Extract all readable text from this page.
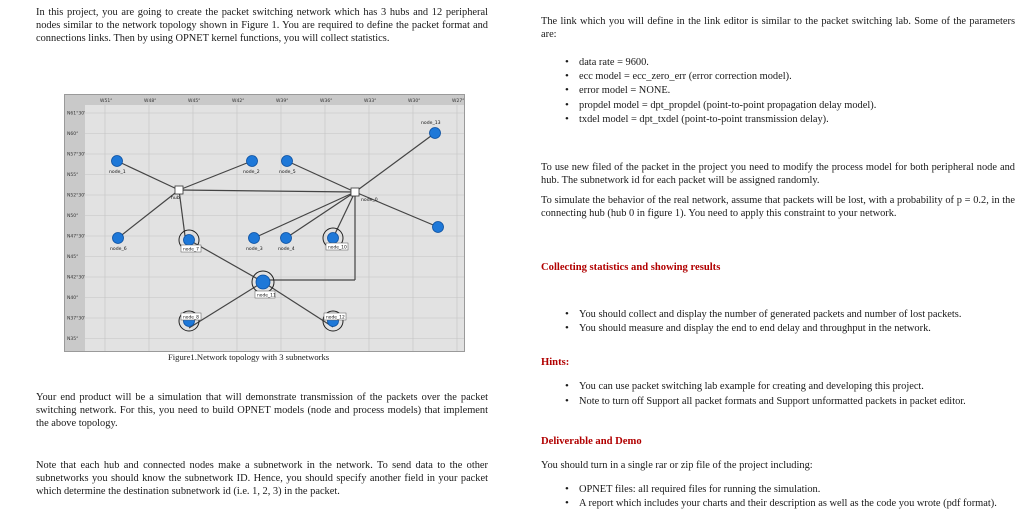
In this project, you are going to create the packet switching network which has 3 hubs and 12 peripheral nodes similar to the network topology shown in Figure 1. You are required to define the packet format and connections links. Then by using OPNET kernel functions, you will collect statistics.

W51°	W48°	W45°	W42°	W39°	W36°	W33°	W30°	W27°
N61°30'
N60°
N57°30'
N55°
N52°30'
N50°
N47°30'
N45°
N42°30'
N40°
N37°30'
N35°
node_1	node_2	node_5
node_13
node_6	node_3	node_4
hub	node_0
node_7	node_10
node_11
node_8	node_12
Figure1.Network topology with 3 subnetworks

Your end product will be a simulation that will demonstrate transmission of the packets over the packet switching network. For this, you need to build OPNET models (node and process models) that implement the above topology.

Note that each hub and connected nodes make a subnetwork in the network. To send data to the other subnetworks you should know the subnetwork ID. Hence, you should specify another field in your packet which determine the destination subnetwork id (i.e. 1, 2, 3) in the packet.

The link which you will define in the link editor is similar to the packet switching lab. Some of the parameters are:

• data rate = 9600.
• ecc model = ecc_zero_err (error correction model).
• error model = NONE.
• propdel model = dpt_propdel (point-to-point propagation delay model).
• txdel model = dpt_txdel (point-to-point transmission delay).

To use new filed of the packet in the project you need to modify the process model for both peripheral node and hub. The subnetwork id for each packet will be assigned randomly.

To simulate the behavior of the real network, assume that packets will be lost, with a probability of p = 0.2, in the connecting hub (hub 0 in figure 1). You need to apply this constraint to your network.

Collecting statistics and showing results
• You should collect and display the number of generated packets and number of lost packets.
• You should measure and display the end to end delay and throughput in the network.
Hints:
• You can use packet switching lab example for creating and developing this project.
• Note to turn off Support all packet formats and Support unformatted packets in packet editor.
Deliverable and Demo

You should turn in a single rar or zip file of the project including:

• OPNET files: all required files for running the simulation.
• A report which includes your charts and their description as well as the code you wrote (pdf format).
